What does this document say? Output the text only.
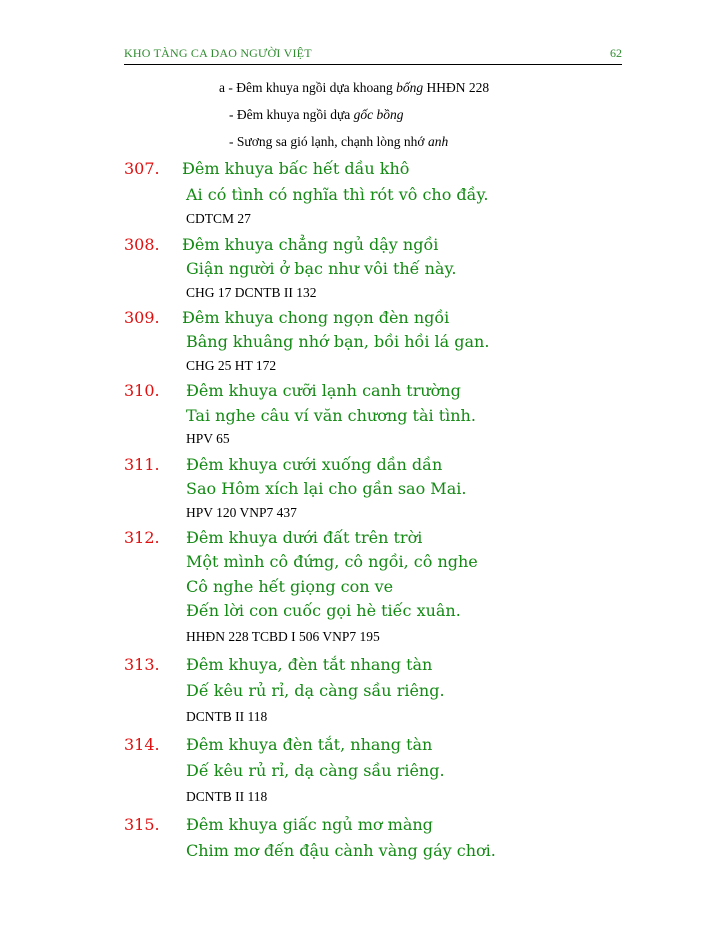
KHO TÀNG CA DAO NGƯỜI VIỆT	62
a - Đêm khuya ngồi dựa khoang bống HHĐN 228
- Đêm khuya ngồi dựa gốc bồng
- Sương sa gió lạnh, chạnh lòng nhớ anh
307. Đêm khuya bấc hết dầu khô
Ai có tình có nghĩa thì rót vô cho đầy.
CDTCM 27
308. Đêm khuya chẳng ngủ dậy ngồi
Giận người ở bạc như vôi thế này.
CHG 17 DCNTB II 132
309. Đêm khuya chong ngọn đèn ngồi
Bâng khuâng nhớ bạn, bồi hồi lá gan.
CHG 25 HT 172
310. Đêm khuya cưỡi lạnh canh trường
Tai nghe câu ví văn chương tài tình.
HPV 65
311. Đêm khuya cưới xuống dần dần
Sao Hôm xích lại cho gần sao Mai.
HPV 120 VNP7 437
312. Đêm khuya dưới đất trên trời
Một mình cô đứng, cô ngồi, cô nghe
Cô nghe hết giọng con ve
Đến lời con cuốc gọi hè tiếc xuân.
HHĐN 228 TCBD I 506 VNP7 195
313. Đêm khuya, đèn tắt nhang tàn
Dế kêu rủ rỉ, dạ càng sầu riêng.
DCNTB II 118
314. Đêm khuya đèn tắt, nhang tàn
Dế kêu rủ rỉ, dạ càng sầu riêng.
DCNTB II 118
315. Đêm khuya giấc ngủ mơ màng
Chim mơ đến đậu cành vàng gáy chơi.
